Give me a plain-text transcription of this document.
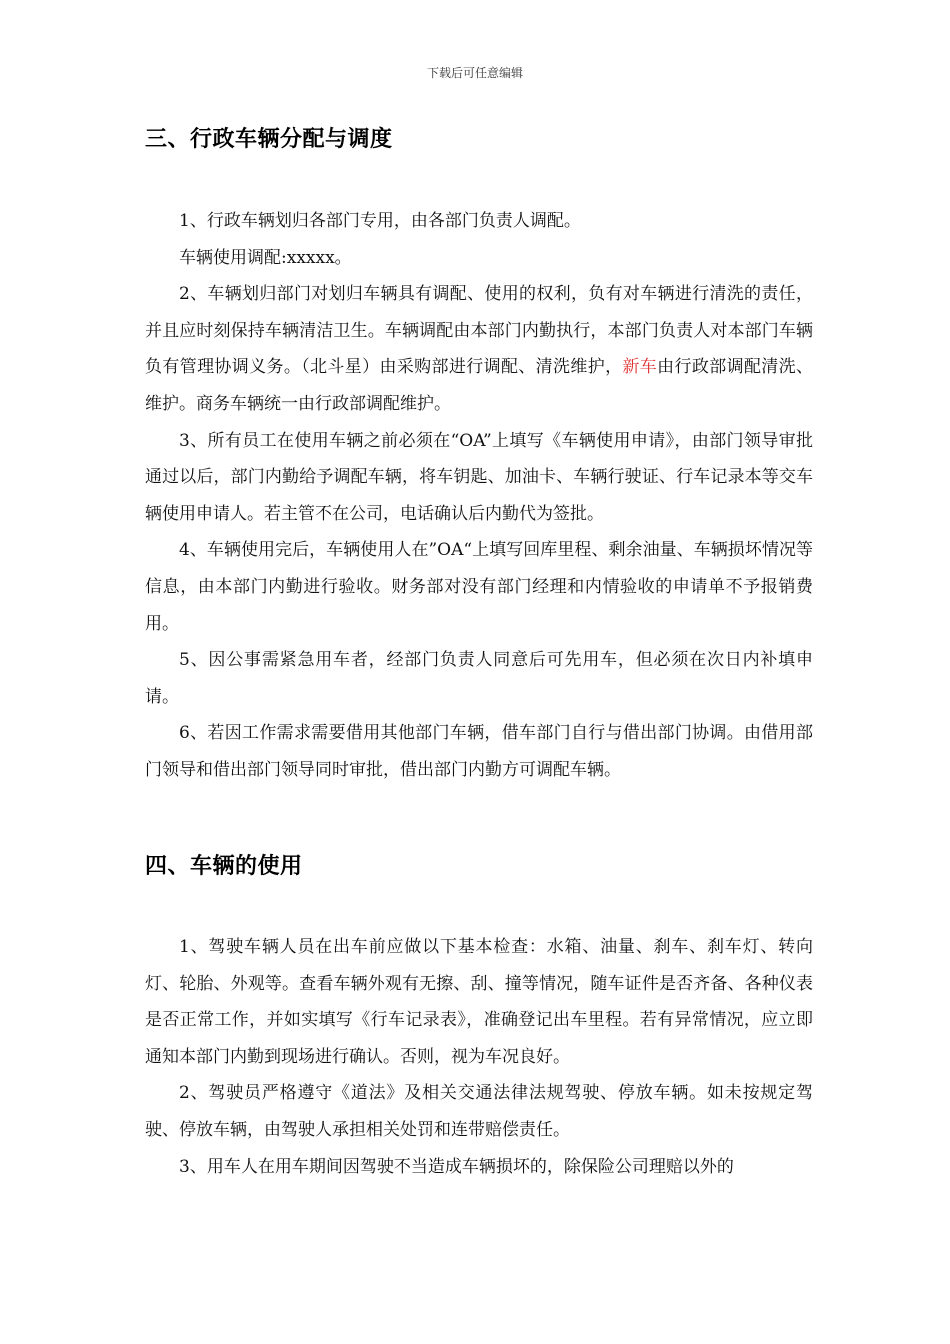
下载后可任意编辑
三、行政车辆分配与调度

1、行政车辆划归各部门专用，由各部门负责人调配。

车辆使用调配:xxxxx。

2、车辆划归部门对划归车辆具有调配、使用的权利，负有对车辆进行清洗的责任，并且应时刻保持车辆清洁卫生。车辆调配由本部门内勤执行，本部门负责人对本部门车辆负有管理协调义务。（北斗星）由采购部进行调配、清洗维护，新车由行政部调配清洗、维护。商务车辆统一由行政部调配维护。

3、所有员工在使用车辆之前必须在“OA”上填写《车辆使用申请》，由部门领导审批通过以后，部门内勤给予调配车辆，将车钥匙、加油卡、车辆行驶证、行车记录本等交车辆使用申请人。若主管不在公司，电话确认后内勤代为签批。

4、车辆使用完后，车辆使用人在”OA“上填写回库里程、剩余油量、车辆损坏情况等信息，由本部门内勤进行验收。财务部对没有部门经理和内情验收的申请单不予报销费用。

5、因公事需紧急用车者，经部门负责人同意后可先用车，但必须在次日内补填申请。

6、若因工作需求需要借用其他部门车辆，借车部门自行与借出部门协调。由借用部门领导和借出部门领导同时审批，借出部门内勤方可调配车辆。

四、车辆的使用

1、驾驶车辆人员在出车前应做以下基本检查：水箱、油量、刹车、刹车灯、转向灯、轮胎、外观等。查看车辆外观有无擦、刮、撞等情况，随车证件是否齐备、各种仪表是否正常工作，并如实填写《行车记录表》，准确登记出车里程。若有异常情况，应立即通知本部门内勤到现场进行确认。否则，视为车况良好。

2、驾驶员严格遵守《道法》及相关交通法律法规驾驶、停放车辆。如未按规定驾驶、停放车辆，由驾驶人承担相关处罚和连带赔偿责任。

3、用车人在用车期间因驾驶不当造成车辆损坏的，除保险公司理赔以外的
